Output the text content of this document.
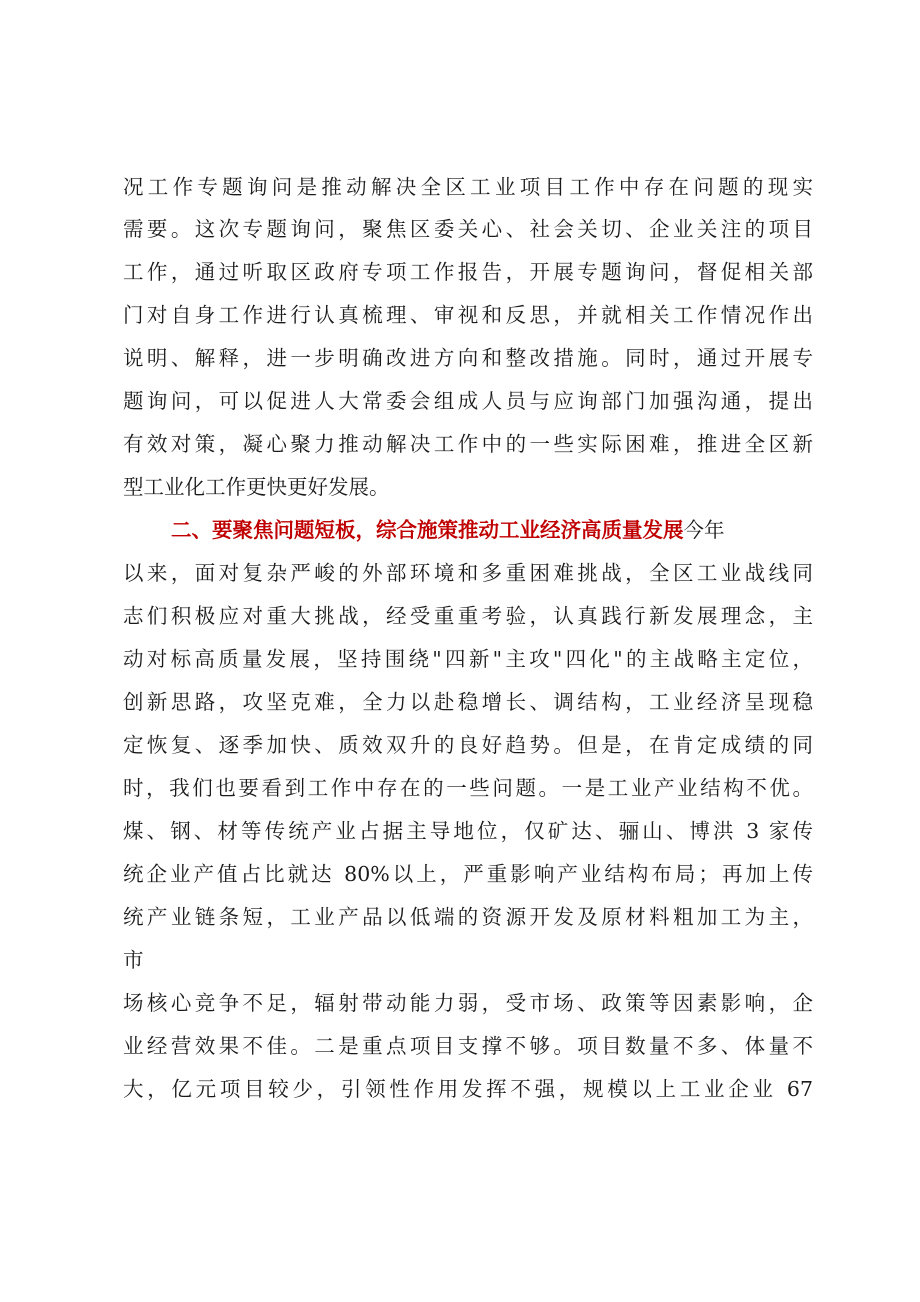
况工作专题询问是推动解决全区工业项目工作中存在问题的现实
需要。这次专题询问，聚焦区委关心、社会关切、企业关注的项目
工作，通过听取区政府专项工作报告，开展专题询问，督促相关部
门对自身工作进行认真梳理、审视和反思，并就相关工作情况作出
说明、解释，进一步明确改进方向和整改措施。同时，通过开展专
题询问，可以促进人大常委会组成人员与应询部门加强沟通，提出
有效对策，凝心聚力推动解决工作中的一些实际困难，推进全区新
型工业化工作更快更好发展。
二、要聚焦问题短板，综合施策推动工业经济高质量发展今年
以来，面对复杂严峻的外部环境和多重困难挑战，全区工业战线同
志们积极应对重大挑战，经受重重考验，认真践行新发展理念，主
动对标高质量发展，坚持围绕"四新"主攻"四化"的主战略主定位，
创新思路，攻坚克难，全力以赴稳增长、调结构，工业经济呈现稳
定恢复、逐季加快、质效双升的良好趋势。但是，在肯定成绩的同
时，我们也要看到工作中存在的一些问题。一是工业产业结构不优。
煤、钢、材等传统产业占据主导地位，仅矿达、骊山、博洪 3 家传
统企业产值占比就达 80%以上，严重影响产业结构布局；再加上传
统产业链条短，工业产品以低端的资源开发及原材料粗加工为主，
市
场核心竞争不足，辐射带动能力弱，受市场、政策等因素影响，企
业经营效果不佳。二是重点项目支撑不够。项目数量不多、体量不
大，亿元项目较少，引领性作用发挥不强，规模以上工业企业 67
